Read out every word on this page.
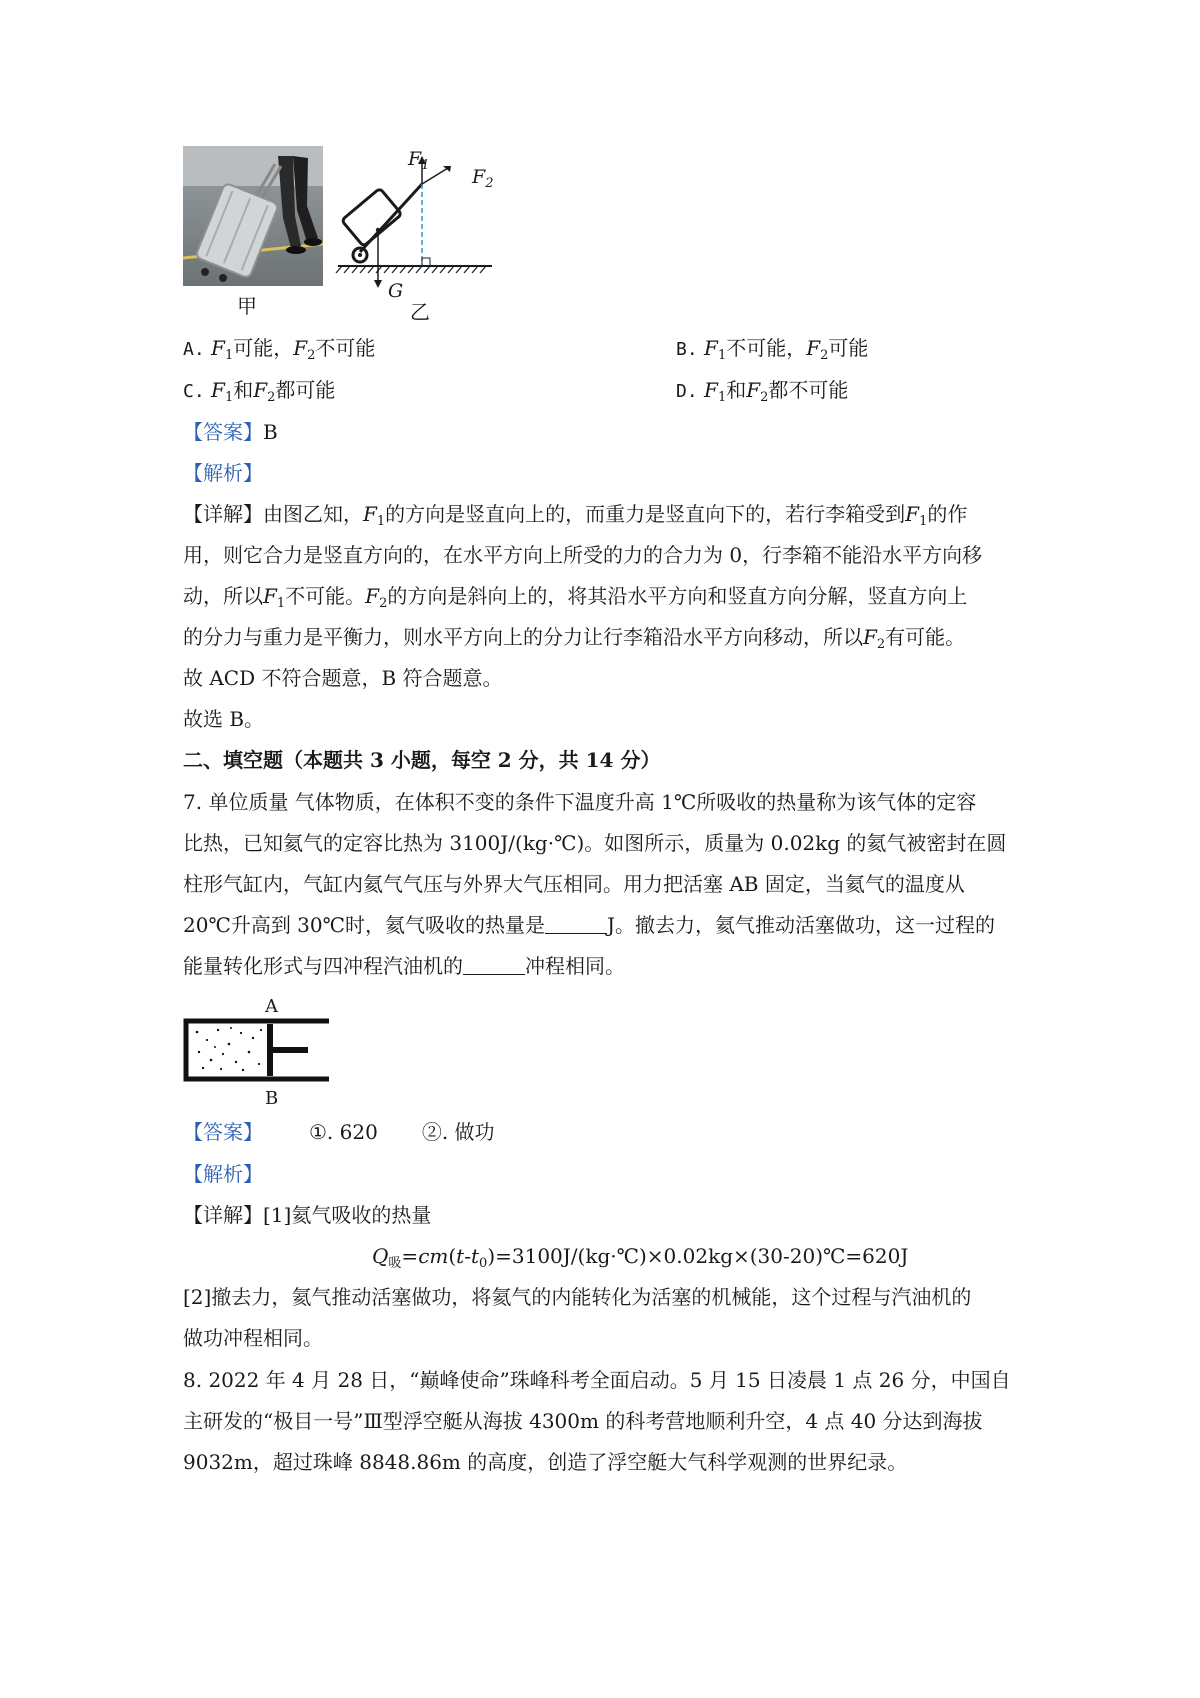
甲
$F_1$
$F_2$
G
乙
A. $F_1$可能，$F_2$不可能	B. $F_1$不可能，$F_2$可能
C. $F_1$和$F_2$都可能	D. $F_1$和$F_2$都不可能
【答案】B
【解析】
【详解】由图乙知，$F_1$的方向是竖直向上的，而重力是竖直向下的，若行李箱受到$F_1$的作
用，则它合力是竖直方向的，在水平方向上所受的力的合力为 0，行李箱不能沿水平方向移
动，所以$F_1$不可能。$F_2$的方向是斜向上的，将其沿水平方向和竖直方向分解，竖直方向上
的分力与重力是平衡力，则水平方向上的分力让行李箱沿水平方向移动，所以$F_2$有可能。
故 ACD 不符合题意，B 符合题意。
故选 B。
二、填空题（本题共 3 小题，每空 2 分，共 14 分）
7. 单位质量 气体物质，在体积不变的条件下温度升高 1℃所吸收的热量称为该气体的定容
比热，已知氦气的定容比热为 3100J/(kg·℃)。如图所示，质量为 0.02kg 的氦气被密封在圆
柱形气缸内，气缸内氦气气压与外界大气压相同。用力把活塞 AB 固定，当氦气的温度从
20℃升高到 30℃时，氦气吸收的热量是	J。撤去力，氦气推动活塞做功，这一过程的
能量转化形式与四冲程汽油机的	冲程相同。
A
B
【答案】 ①. 620 ②. 做功
【解析】
【详解】[1]氦气吸收的热量
$Q_吸=cm(t-t_0)=3100J/(kg\cdot℃)\times 0.02kg\times(30-20)℃=620J$
[2]撤去力，氦气推动活塞做功，将氦气的内能转化为活塞的机械能，这个过程与汽油机的
做功冲程相同。
8. 2022 年 4 月 28 日，“巅峰使命”珠峰科考全面启动。5 月 15 日凌晨 1 点 26 分，中国自
主研发的“极目一号”Ⅲ型浮空艇从海拔 4300m 的科考营地顺利升空，4 点 40 分达到海拔
9032m，超过珠峰 8848.86m 的高度，创造了浮空艇大气科学观测的世界纪录。
